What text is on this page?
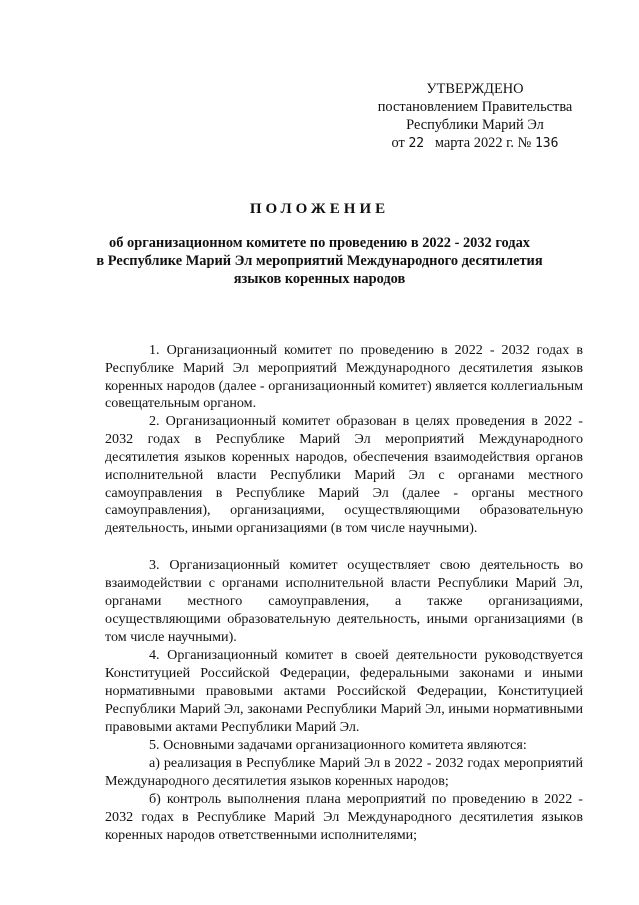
УТВЕРЖДЕНО
постановлением Правительства
Республики Марий Эл
от 22 марта 2022 г. № 136
ПОЛОЖЕНИЕ
об организационном комитете по проведению в 2022 - 2032 годах
в Республике Марий Эл мероприятий Международного десятилетия
языков коренных народов

1. Организационный комитет по проведению в 2022 - 2032 годах в Республике Марий Эл мероприятий Международного десятилетия языков коренных народов (далее - организационный комитет) является коллегиальным совещательным органом.

2. Организационный комитет образован в целях проведения в 2022 - 2032 годах в Республике Марий Эл мероприятий Международного десятилетия языков коренных народов, обеспечения взаимодействия органов исполнительной власти Республики Марий Эл с органами местного самоуправления в Республике Марий Эл (далее - органы местного самоуправления), организациями, осуществляющими образовательную деятельность, иными организациями (в том числе научными).

3. Организационный комитет осуществляет свою деятельность во взаимодействии с органами исполнительной власти Республики Марий Эл, органами местного самоуправления, а также организациями, осуществляющими образовательную деятельность, иными организациями (в том числе научными).

4. Организационный комитет в своей деятельности руководствуется Конституцией Российской Федерации, федеральными законами и иными нормативными правовыми актами Российской Федерации, Конституцией Республики Марий Эл, законами Республики Марий Эл, иными нормативными правовыми актами Республики Марий Эл.

5. Основными задачами организационного комитета являются:

а) реализация в Республике Марий Эл в 2022 - 2032 годах мероприятий Международного десятилетия языков коренных народов;

б) контроль выполнения плана мероприятий по проведению в 2022 - 2032 годах в Республике Марий Эл Международного десятилетия языков коренных народов ответственными исполнителями;
